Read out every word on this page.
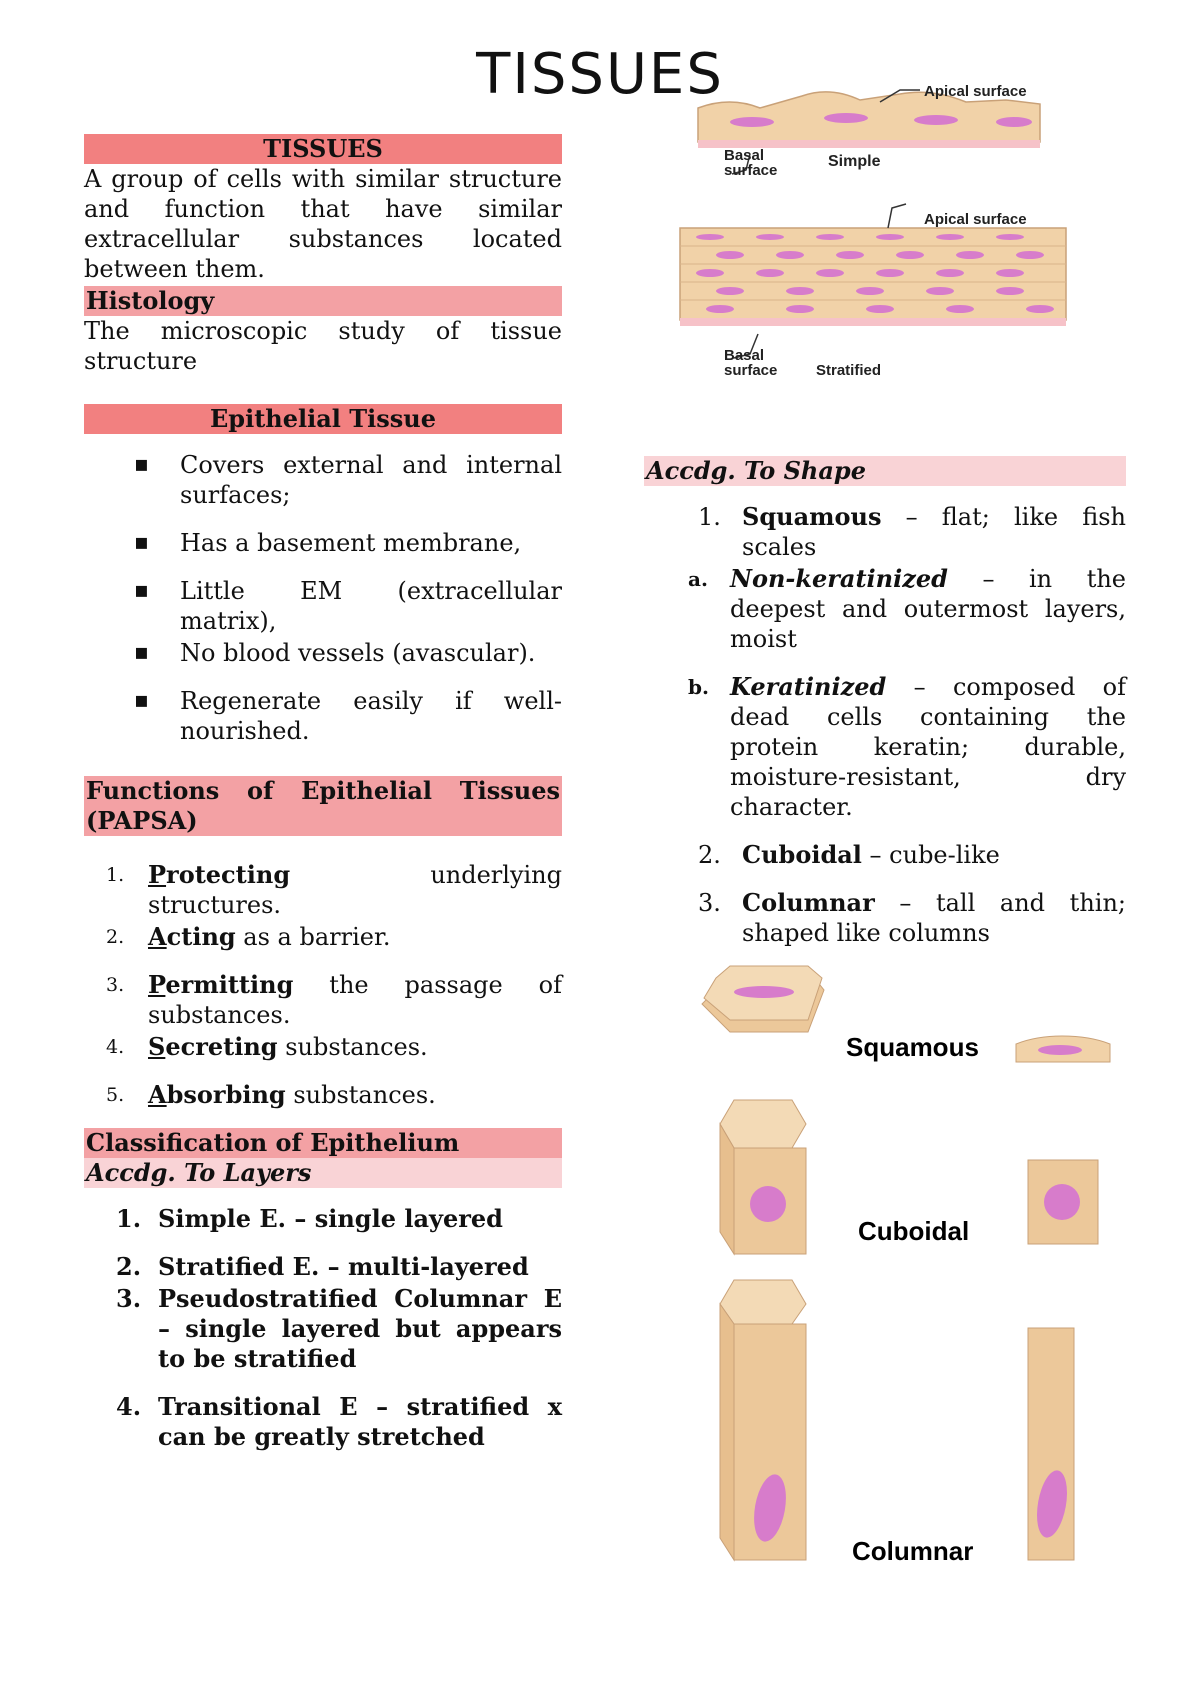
TISSUES
TISSUES

A group of cells with similar structure and function that have similar extracellular substances located between them.

Histology

The microscopic study of tissue structure

Epithelial Tissue
▪ Covers external and internal surfaces;
▪ Has a basement membrane,
▪ Little EM (extracellular matrix),
▪ No blood vessels (avascular).
▪ Regenerate easily if well-nourished.
Functions of Epithelial Tissues (PAPSA)
1. Protecting underlying structures.
2. Acting as a barrier.
3. Permitting the passage of substances.
4. Secreting substances.
5. Absorbing substances.
Classification of Epithelium
Accdg. To Layers
1. Simple E. – single layered
2. Stratified E. – multi-layered
3. Pseudostratified Columnar E – single layered but appears to be stratified
4. Transitional E – stratified x can be greatly stretched
Apical surface
Basal
surface
Simple
Apical surface
Basal
surface	Stratified
Accdg. To Shape
1. Squamous – flat; like fish scales
a. Non-keratinized – in the deepest and outermost layers, moist
b. Keratinized – composed of dead cells containing the protein keratin; durable, moisture-resistant, dry character.
2. Cuboidal – cube-like
3. Columnar – tall and thin; shaped like columns
Squamous
Cuboidal
Columnar
